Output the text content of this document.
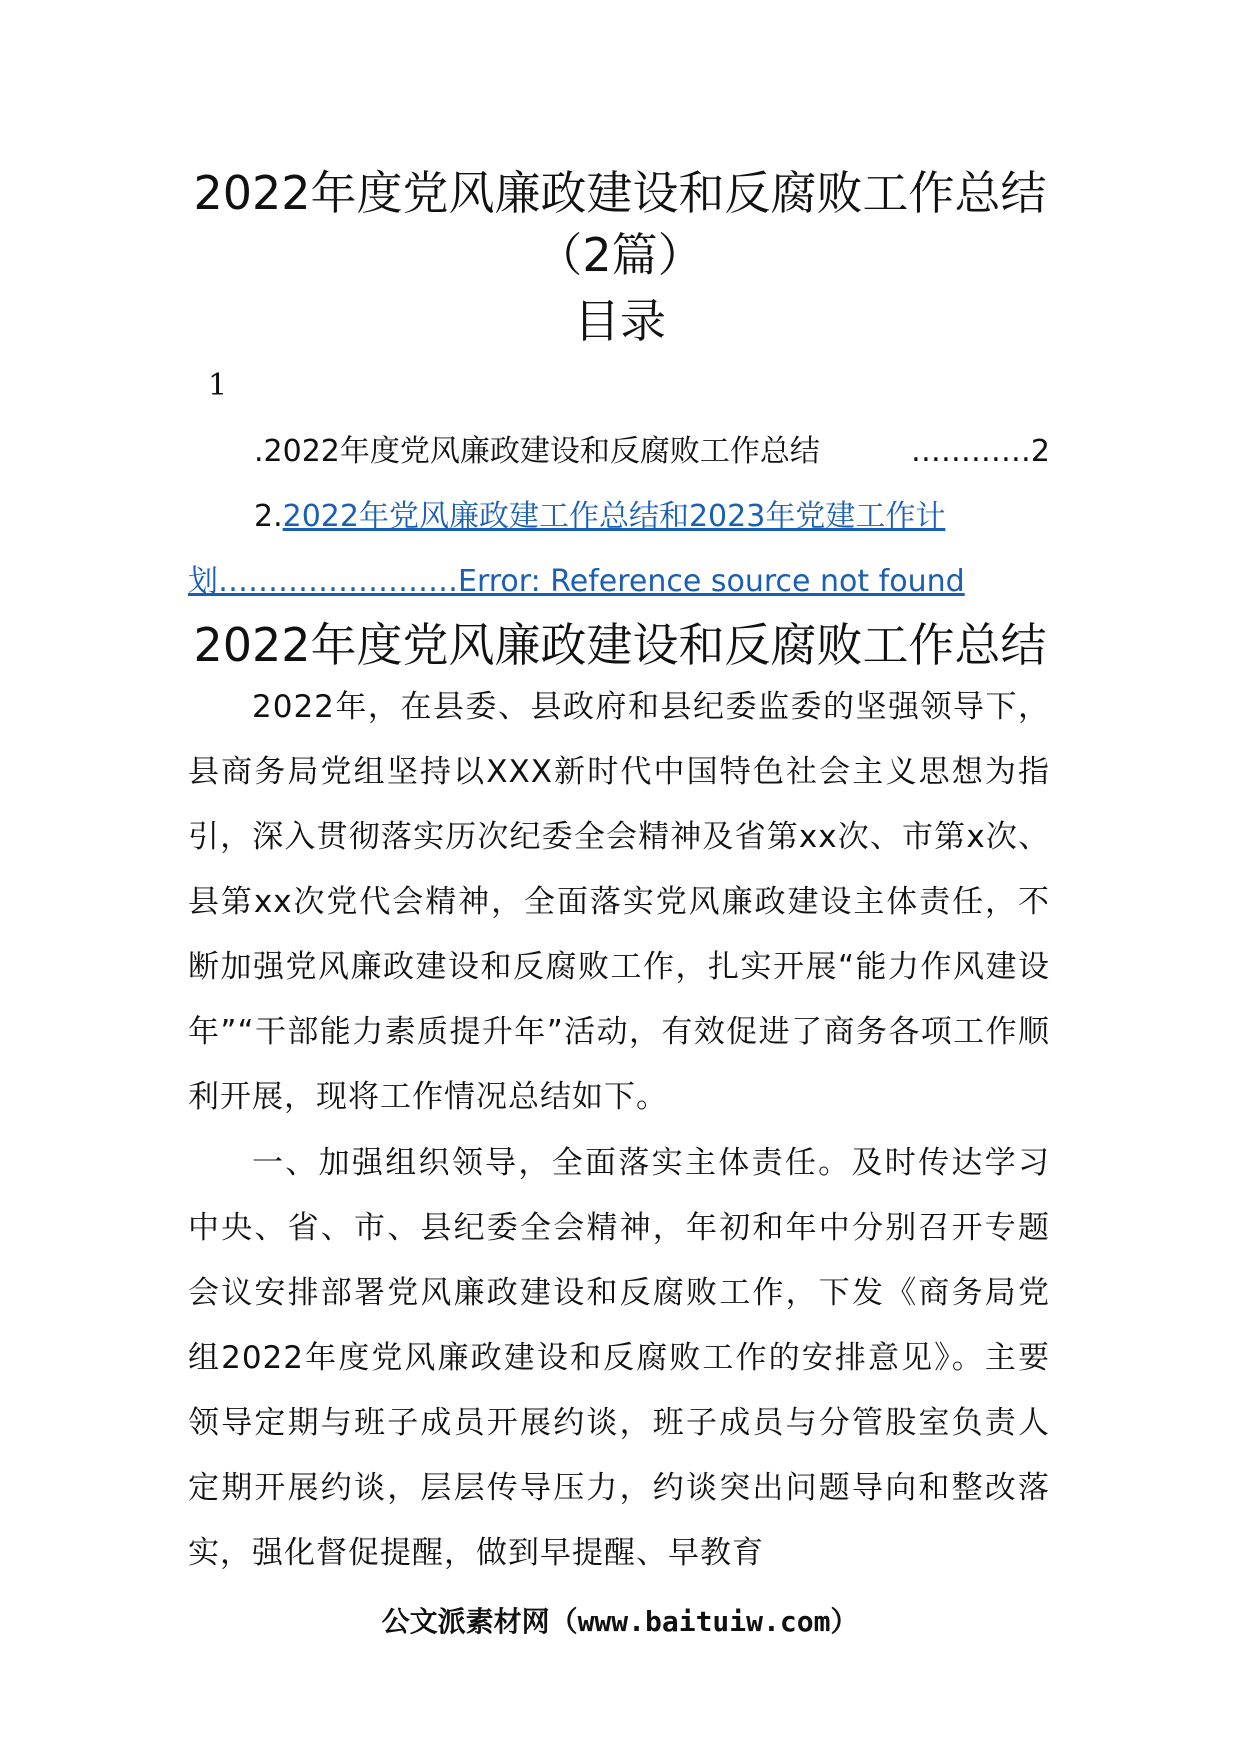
2022年度党风廉政建设和反腐败工作总结
（2篇）
目录
1
.2022年度党风廉政建设和反腐败工作总结	…………2
2.2022年党风廉政建工作总结和2023年党建工作计
划……………………Error: Reference source not found
2022年度党风廉政建设和反腐败工作总结

2022年，在县委、县政府和县纪委监委的坚强领导下，县商务局党组坚持以XXX新时代中国特色社会主义思想为指引，深入贯彻落实历次纪委全会精神及省第xx次、市第x次、县第xx次党代会精神，全面落实党风廉政建设主体责任，不断加强党风廉政建设和反腐败工作，扎实开展“能力作风建设年”“干部能力素质提升年”活动，有效促进了商务各项工作顺利开展，现将工作情况总结如下。

一、加强组织领导，全面落实主体责任。及时传达学习中央、省、市、县纪委全会精神，年初和年中分别召开专题会议安排部署党风廉政建设和反腐败工作，下发《商务局党组2022年度党风廉政建设和反腐败工作的安排意见》。主要领导定期与班子成员开展约谈，班子成员与分管股室负责人定期开展约谈，层层传导压力，约谈突出问题导向和整改落实，强化督促提醒，做到早提醒、早教育

公文派素材网（www.baituiw.com）
